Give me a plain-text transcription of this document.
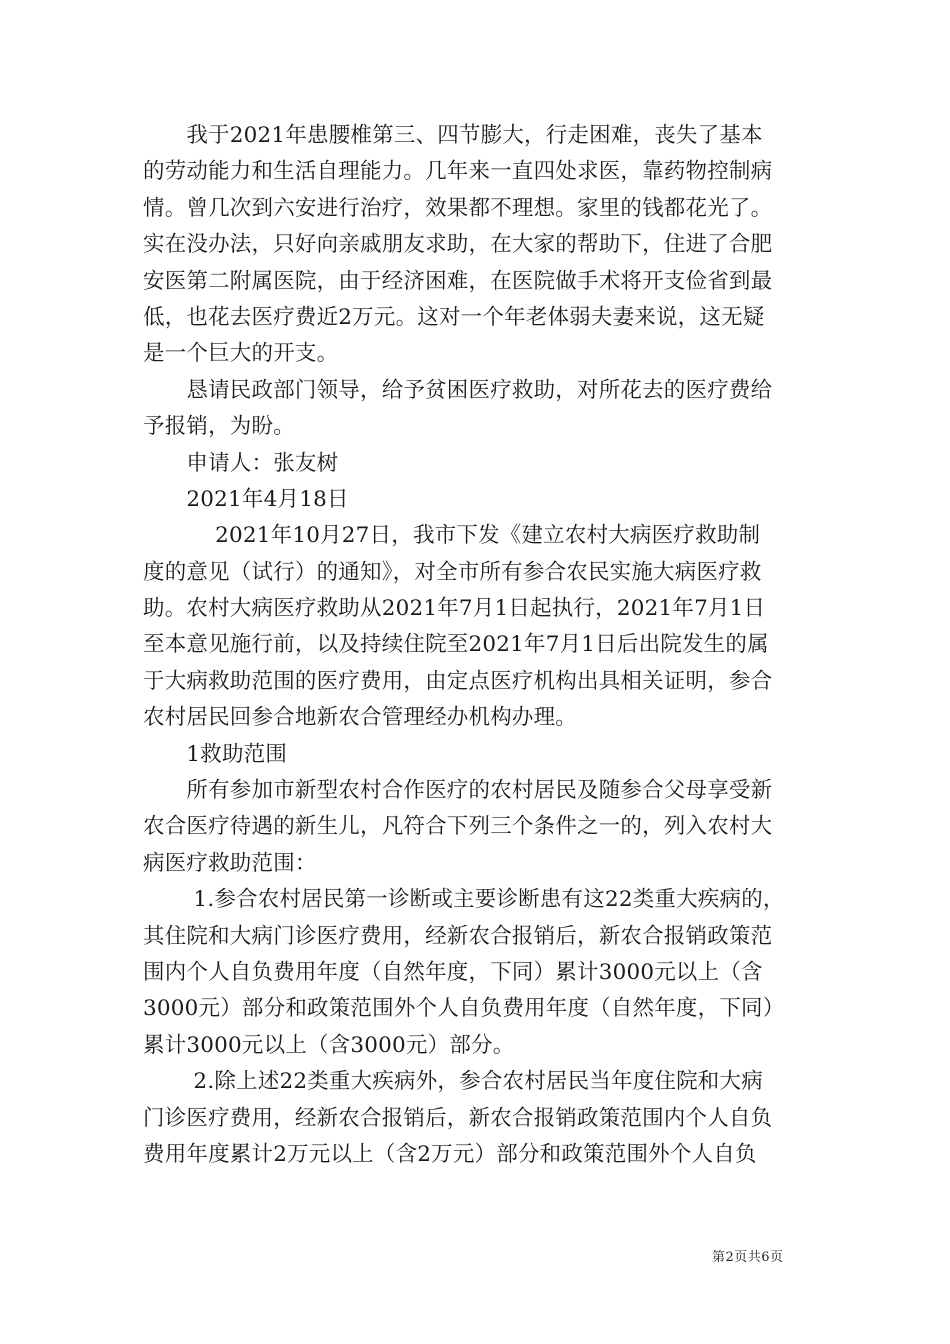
　　我于2021年患腰椎第三、四节膨大，行走困难，丧失了基本
的劳动能力和生活自理能力。几年来一直四处求医，靠药物控制病
情。曾几次到六安进行治疗，效果都不理想。家里的钱都花光了。
实在没办法，只好向亲戚朋友求助，在大家的帮助下，住进了合肥
安医第二附属医院，由于经济困难，在医院做手术将开支俭省到最
低，也花去医疗费近2万元。这对一个年老体弱夫妻来说，这无疑
是一个巨大的开支。
　　恳请民政部门领导，给予贫困医疗救助，对所花去的医疗费给
予报销，为盼。
　　申请人：张友树
　　2021年4月18日
　　　 2021年10月27日，我市下发《建立农村大病医疗救助制
度的意见（试行）的通知》，对全市所有参合农民实施大病医疗救
助。农村大病医疗救助从2021年7月1日起执行，2021年7月1日
至本意见施行前，以及持续住院至2021年7月1日后出院发生的属
于大病救助范围的医疗费用，由定点医疗机构出具相关证明，参合
农村居民回参合地新农合管理经办机构办理。
　　1救助范围
　　所有参加市新型农村合作医疗的农村居民及随参合父母享受新
农合医疗待遇的新生儿，凡符合下列三个条件之一的，列入农村大
病医疗救助范围：
　　 1.参合农村居民第一诊断或主要诊断患有这22类重大疾病的，
其住院和大病门诊医疗费用，经新农合报销后，新农合报销政策范
围内个人自负费用年度（自然年度，下同）累计3000元以上（含
3000元）部分和政策范围外个人自负费用年度（自然年度，下同）
累计3000元以上（含3000元）部分。
　　 2.除上述22类重大疾病外，参合农村居民当年度住院和大病
门诊医疗费用，经新农合报销后，新农合报销政策范围内个人自负
费用年度累计2万元以上（含2万元）部分和政策范围外个人自负
第2页共6页
